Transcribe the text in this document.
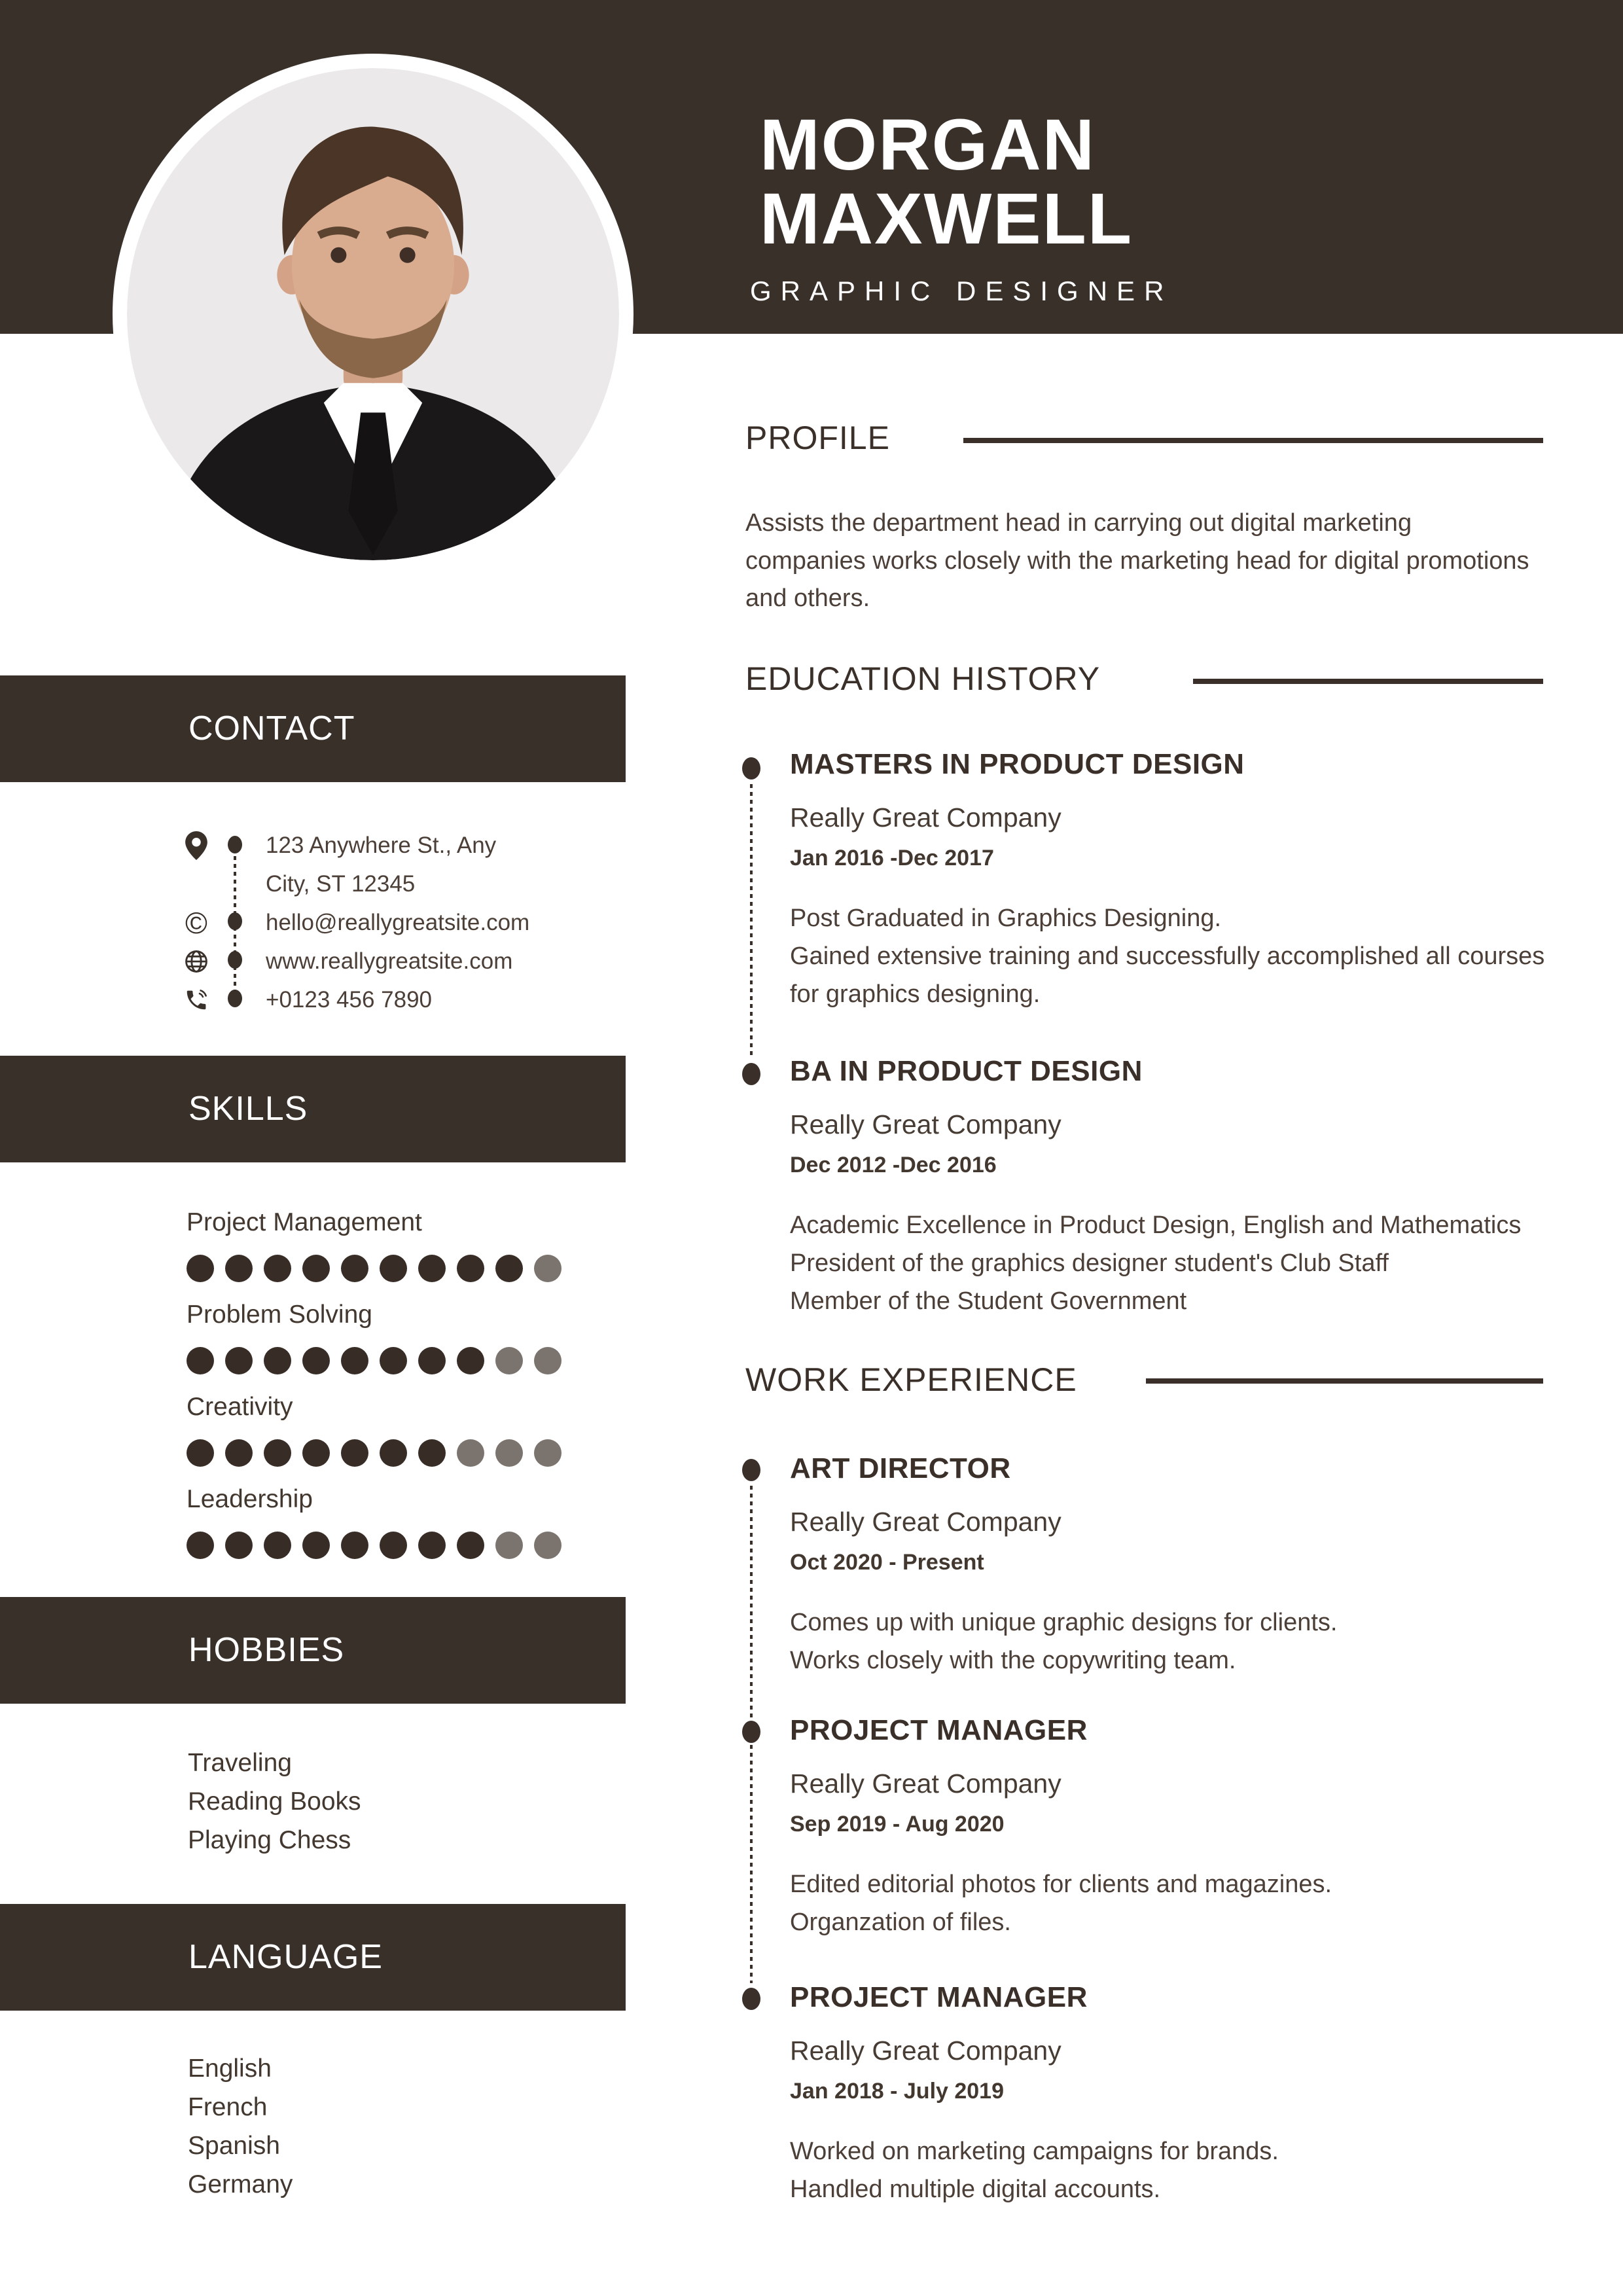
MORGAN
MAXWELL
GRAPHIC DESIGNER
CONTACT
SKILLS
HOBBIES
LANGUAGE
123 Anywhere St., Any
City, ST 12345
©	hello@reallygreatsite.com
www.reallygreatsite.com
+0123 456 7890
Project Management
Problem Solving
Creativity
Leadership
Traveling
Reading Books
Playing Chess
English
French
Spanish
Germany
PROFILE
Assists the department head in carrying out digital marketing companies works closely with the marketing head for digital promotions and others.
EDUCATION HISTORY
WORK EXPERIENCE
MASTERS IN PRODUCT DESIGN
Really Great Company
Jan 2016 -Dec 2017
Post Graduated in Graphics Designing.
Gained extensive training and successfully accomplished all courses for graphics designing.
BA IN PRODUCT DESIGN
Really Great Company
Dec 2012 -Dec 2016
Academic Excellence in Product Design, English and Mathematics
President of the graphics designer student's Club Staff
Member of the Student Government
ART DIRECTOR
Really Great Company
Oct 2020 - Present
Comes up with unique graphic designs for clients.
Works closely with the copywriting team.
PROJECT MANAGER
Really Great Company
Sep 2019 - Aug 2020
Edited editorial photos for clients and magazines.
Organzation of files.
PROJECT MANAGER
Really Great Company
Jan 2018 - July 2019
Worked on marketing campaigns for brands.
Handled multiple digital accounts.
